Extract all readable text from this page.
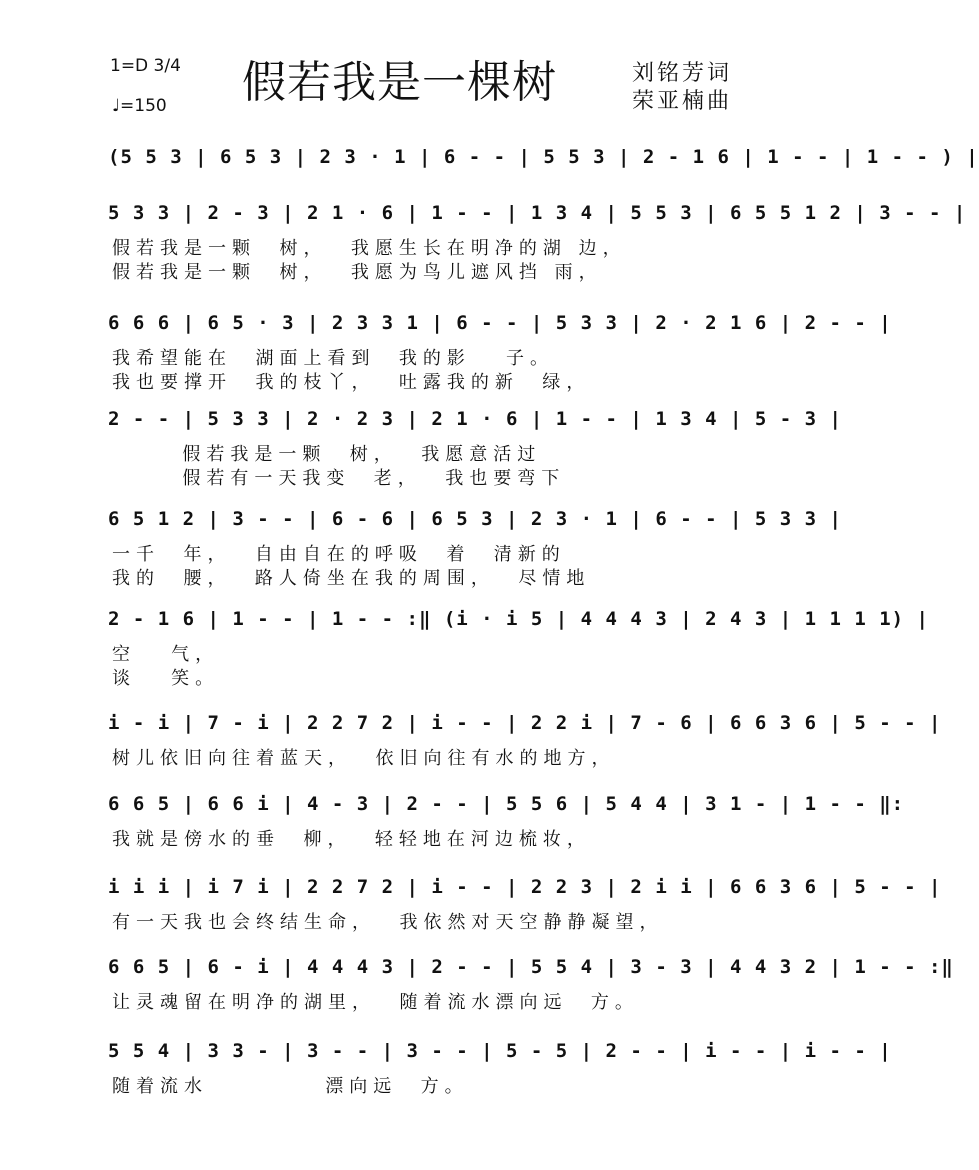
1=D 3/4
♩=150 假若我是一棵树	刘铭芳词
荣亚楠曲
(5 5 3 | 6 5 3 | 2 3 · 1 | 6 - - | 5 5 3 | 2 - 1 6 | 1 - - | 1 - - ) |
5 3 3 | 2 - 3 | 2 1 · 6 | 1 - - | 1 3 4 | 5 5 3 | 6 5 5 1 2 | 3 - - |
假若我是一颗  树，  我愿生长在明净的湖 边，
假若我是一颗  树，  我愿为鸟儿遮风挡 雨，
6 6 6 | 6 5 · 3 | 2 3 3 1 | 6 - - | 5 3 3 | 2 · 2 1 6 | 2 - - |
我希望能在  湖面上看到  我的影   子。
我也要撑开  我的枝丫，  吐露我的新  绿，
2 - - | 5 3 3 | 2 · 2 3 | 2 1 · 6 | 1 - - | 1 3 4 | 5 - 3 |
假若我是一颗  树，  我愿意活过
假若有一天我变  老，  我也要弯下
6 5 1 2 | 3 - - | 6 - 6 | 6 5 3 | 2 3 · 1 | 6 - - | 5 3 3 |
一千  年，  自由自在的呼吸  着  清新的
我的  腰，  路人倚坐在我的周围，  尽情地
2 - 1 6 | 1 - - | 1 - - :‖ (i · i 5 | 4 4 4 3 | 2 4 3 | 1 1 1 1) |
空   气，
谈   笑。
i - i | 7 - i | 2 2 7 2 | i - - | 2 2 i | 7 - 6 | 6 6 3 6 | 5 - - |
树儿依旧向往着蓝天，  依旧向往有水的地方，
6 6 5 | 6 6 i | 4 - 3 | 2 - - | 5 5 6 | 5 4 4 | 3 1 - | 1 - - ‖:
我就是傍水的垂  柳，  轻轻地在河边梳妆，
i i i | i 7 i | 2 2 7 2 | i - - | 2 2 3 | 2 i i | 6 6 3 6 | 5 - - |
有一天我也会终结生命，  我依然对天空静静凝望，
6 6 5 | 6 - i | 4 4 4 3 | 2 - - | 5 5 4 | 3 - 3 | 4 4 3 2 | 1 - - :‖
让灵魂留在明净的湖里，  随着流水漂向远  方。
5 5 4 | 3 3 - | 3 - - | 3 - - | 5 - 5 | 2 - - | i - - | i - - |
随着流水          漂向远  方。
